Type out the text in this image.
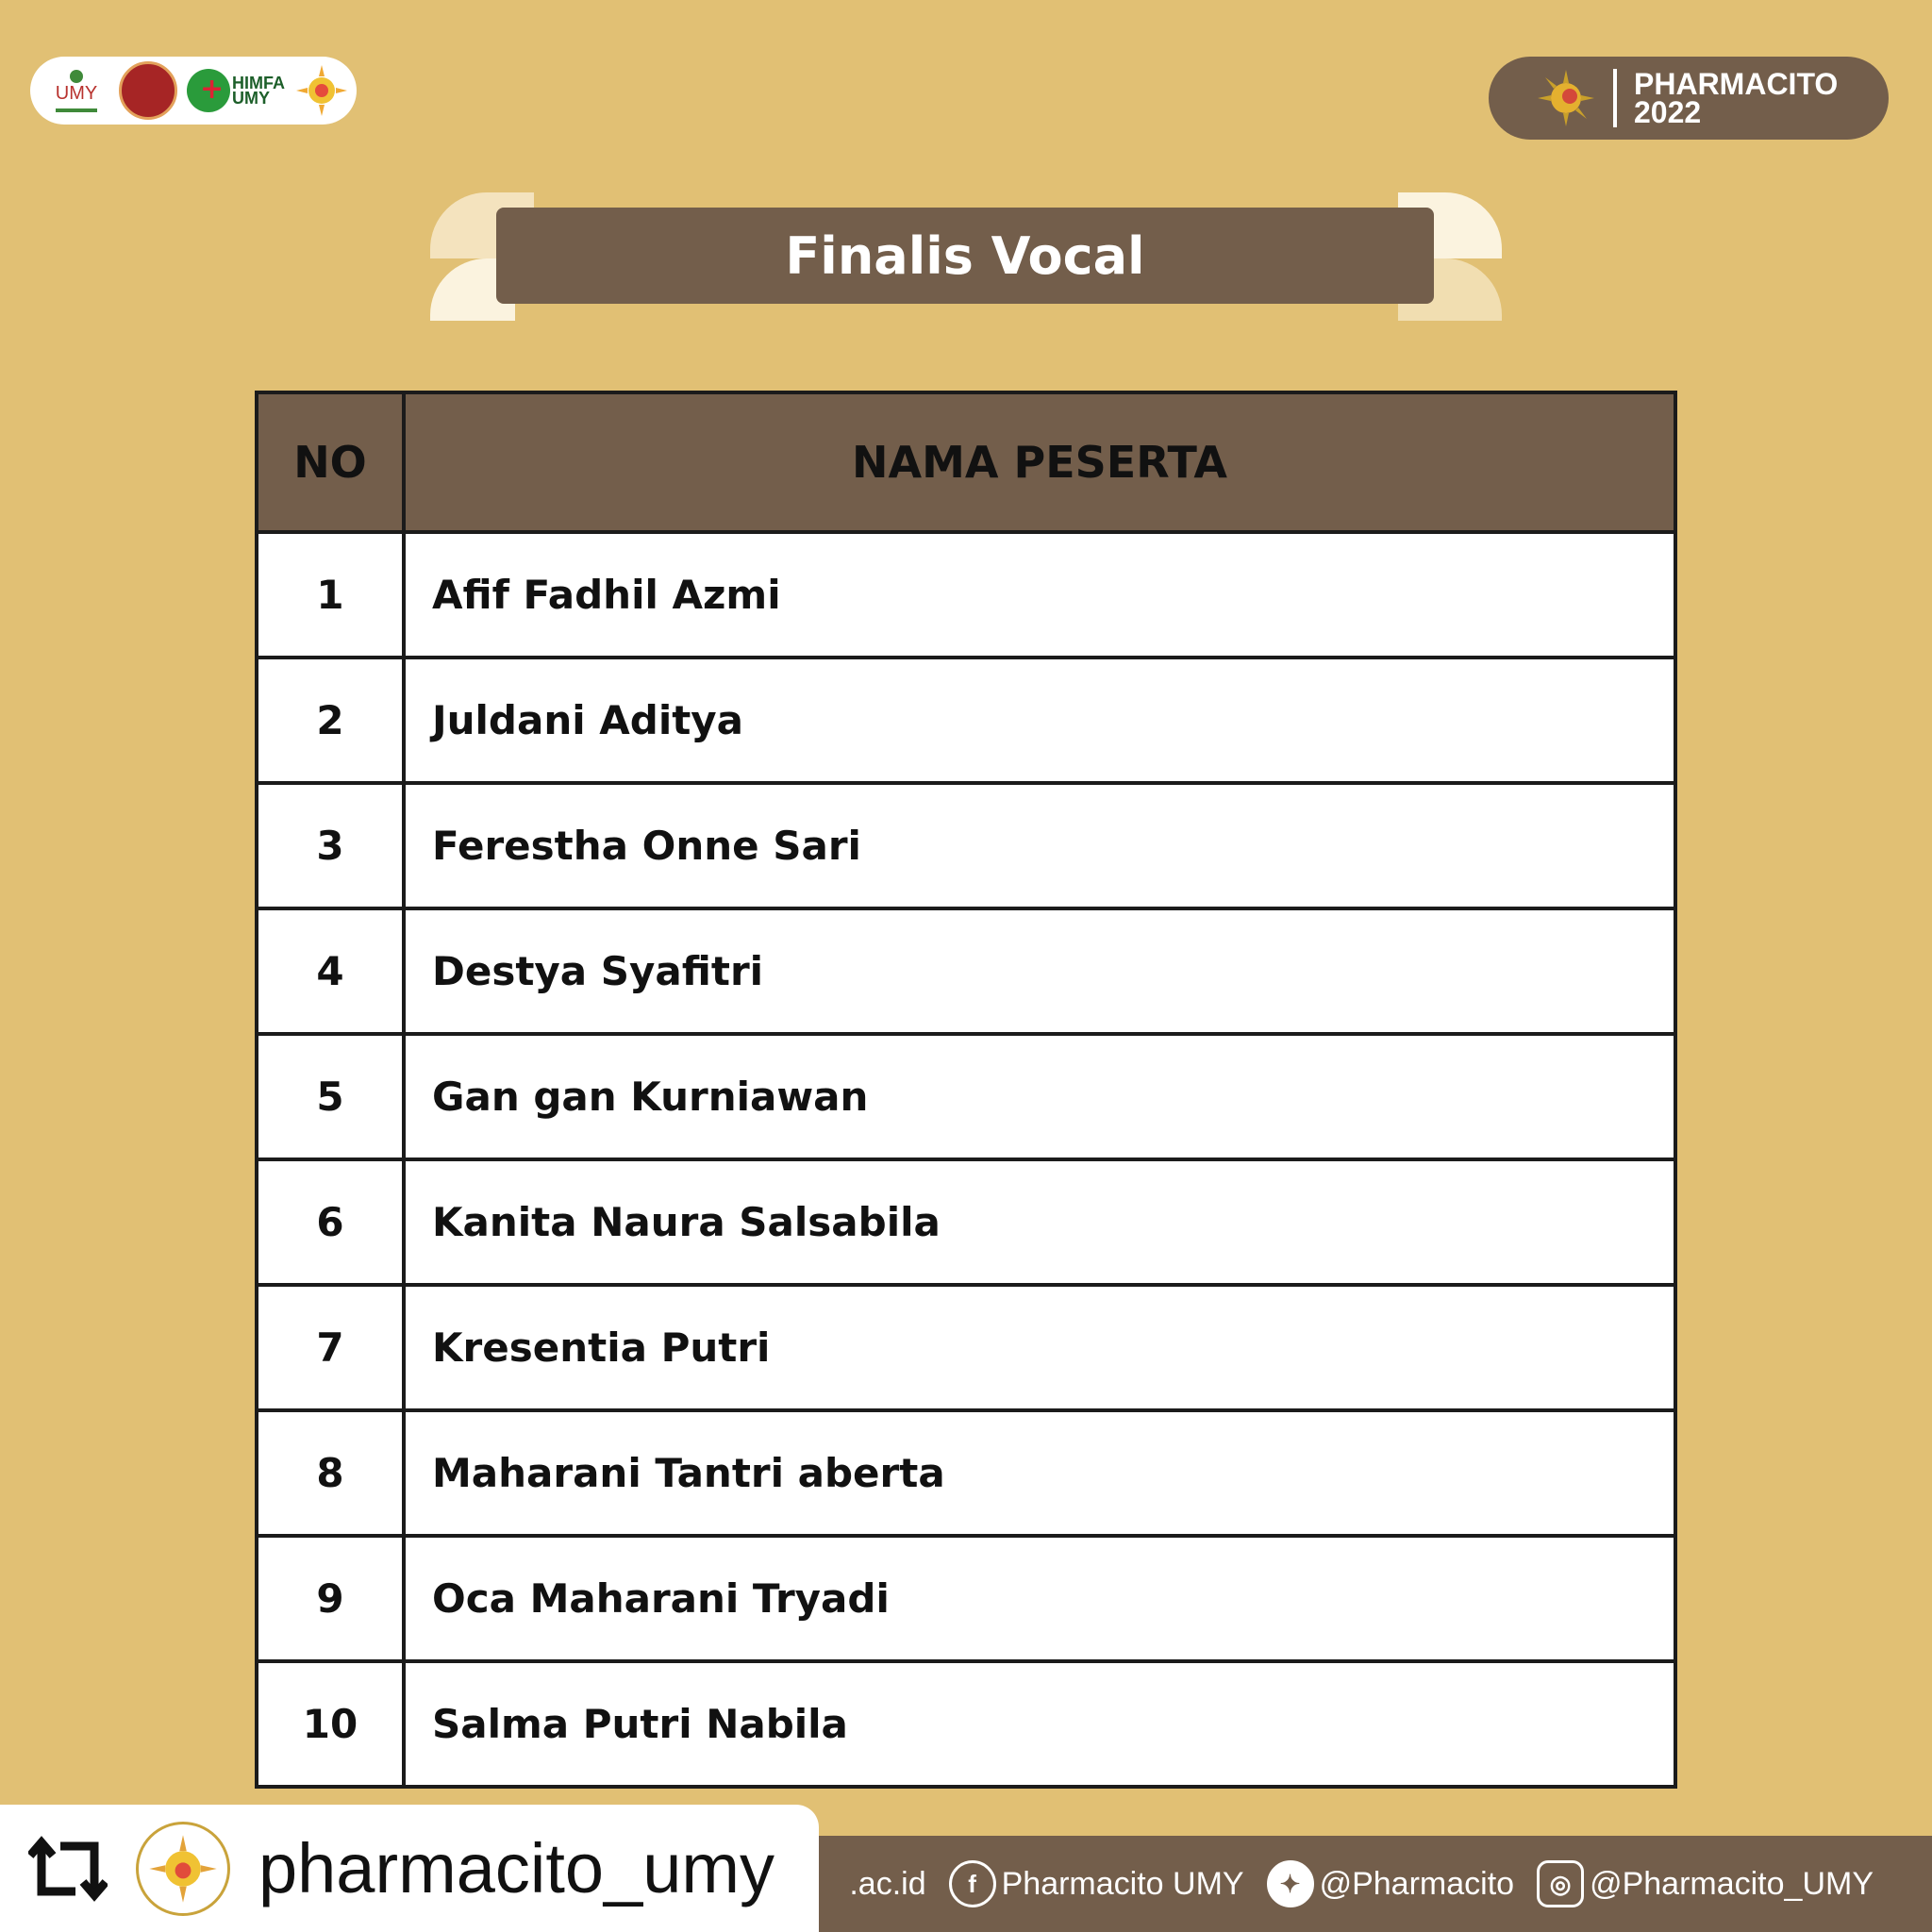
UMY +	HIMFA
UMY	PHARMACITO
2022
Finalis Vocal
NO	NAMA PESERTA
1	Afif Fadhil Azmi
2	Juldani Aditya
3	Ferestha Onne Sari
4	Destya Syafitri
5	Gan gan Kurniawan
6	Kanita Naura Salsabila
7	Kresentia Putri
8	Maharani Tantri aberta
9	Oca Maharani Tryadi
10	Salma Putri Nabila
.ac.id	f Pharmacito UMY	✦ @Pharmacito	◎ @Pharmacito_UMY
pharmacito_umy
